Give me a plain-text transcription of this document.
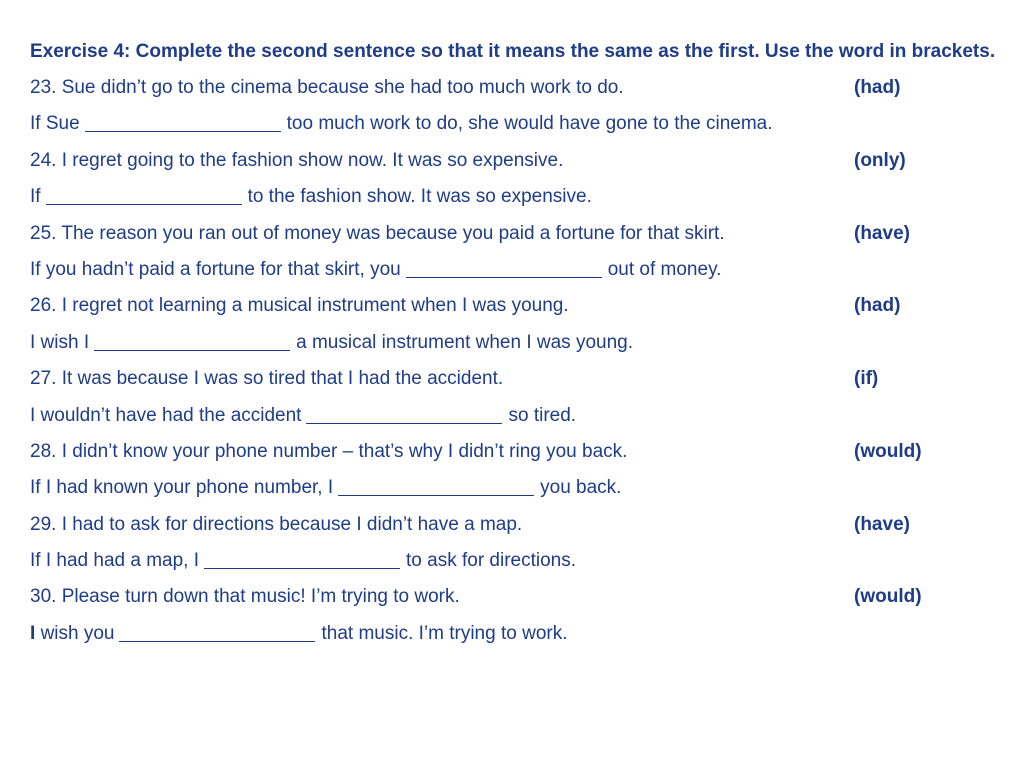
Exercise 4: Complete the second sentence so that it means the same as the first. Use the word in brackets.

23. Sue didn’t go to the cinema because she had too much work to do.	(had)
If Sue	too much work to do, she would have gone to the cinema.
24. I regret going to the fashion show now. It was so expensive.	(only)
If	to the fashion show. It was so expensive.
25. The reason you ran out of money was because you paid a fortune for that skirt.	(have)
If you hadn’t paid a fortune for that skirt, you	out of money.
26. I regret not learning a musical instrument when I was young.	(had)
I wish I	a musical instrument when I was young.
27. It was because I was so tired that I had the accident.	(if)
I wouldn’t have had the accident	so tired.
28. I didn’t know your phone number – that’s why I didn’t ring you back.	(would)
If I had known your phone number, I	you back.
29. I had to ask for directions because I didn’t have a map.	(have)
If I had had a map, I	to ask for directions.
30. Please turn down that music! I’m trying to work.	(would)
I wish you	that music. I’m trying to work.
